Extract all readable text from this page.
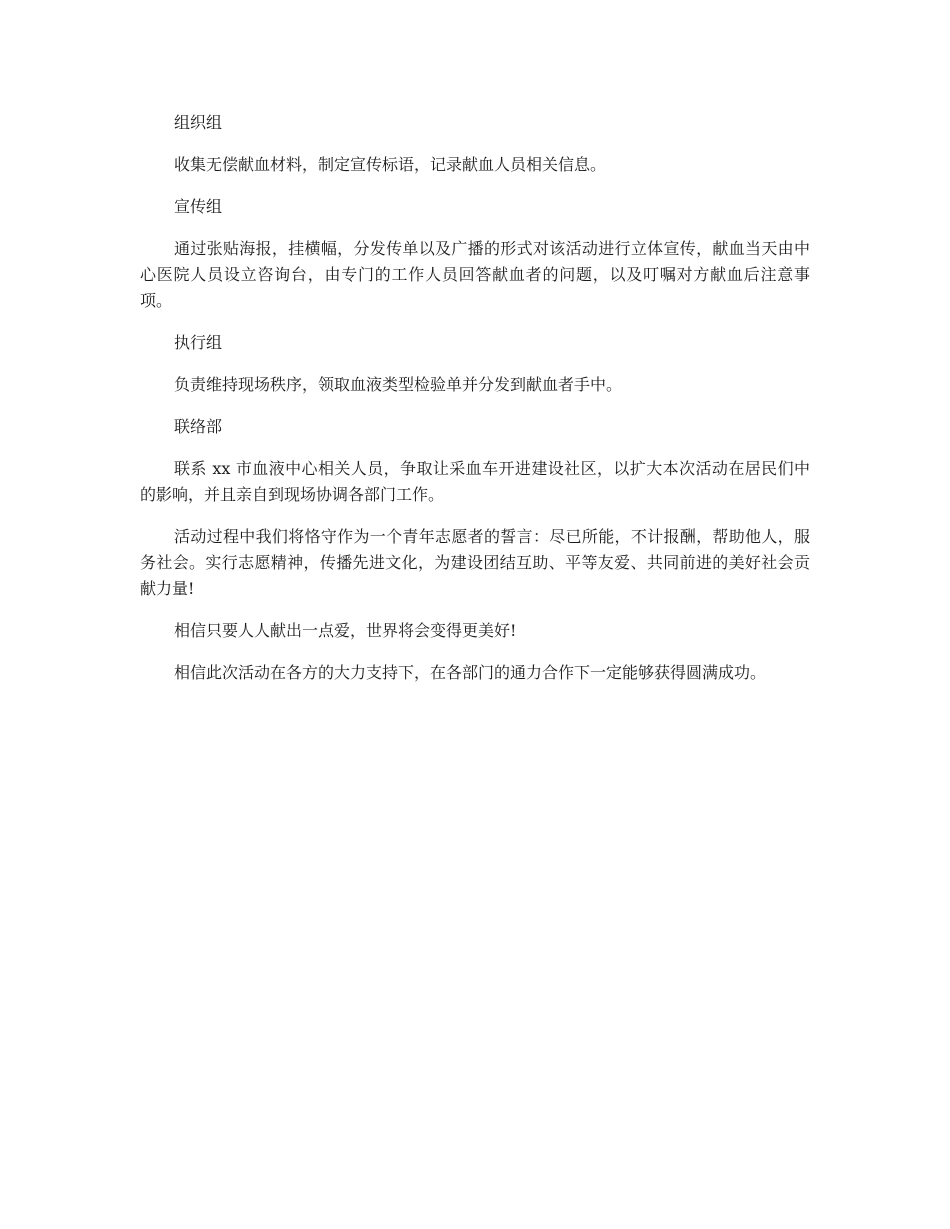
组织组

收集无偿献血材料，制定宣传标语，记录献血人员相关信息。

宣传组

通过张贴海报，挂横幅，分发传单以及广播的形式对该活动进行立体宣传，献血当天由中心医院人员设立咨询台，由专门的工作人员回答献血者的问题，以及叮嘱对方献血后注意事项。

执行组

负责维持现场秩序，领取血液类型检验单并分发到献血者手中。

联络部

联系 xx 市血液中心相关人员，争取让采血车开进建设社区，以扩大本次活动在居民们中的影响，并且亲自到现场协调各部门工作。

活动过程中我们将恪守作为一个青年志愿者的誓言：尽已所能，不计报酬，帮助他人，服务社会。实行志愿精神，传播先进文化，为建设团结互助、平等友爱、共同前进的美好社会贡献力量!

相信只要人人献出一点爱，世界将会变得更美好!

相信此次活动在各方的大力支持下，在各部门的通力合作下一定能够获得圆满成功。
